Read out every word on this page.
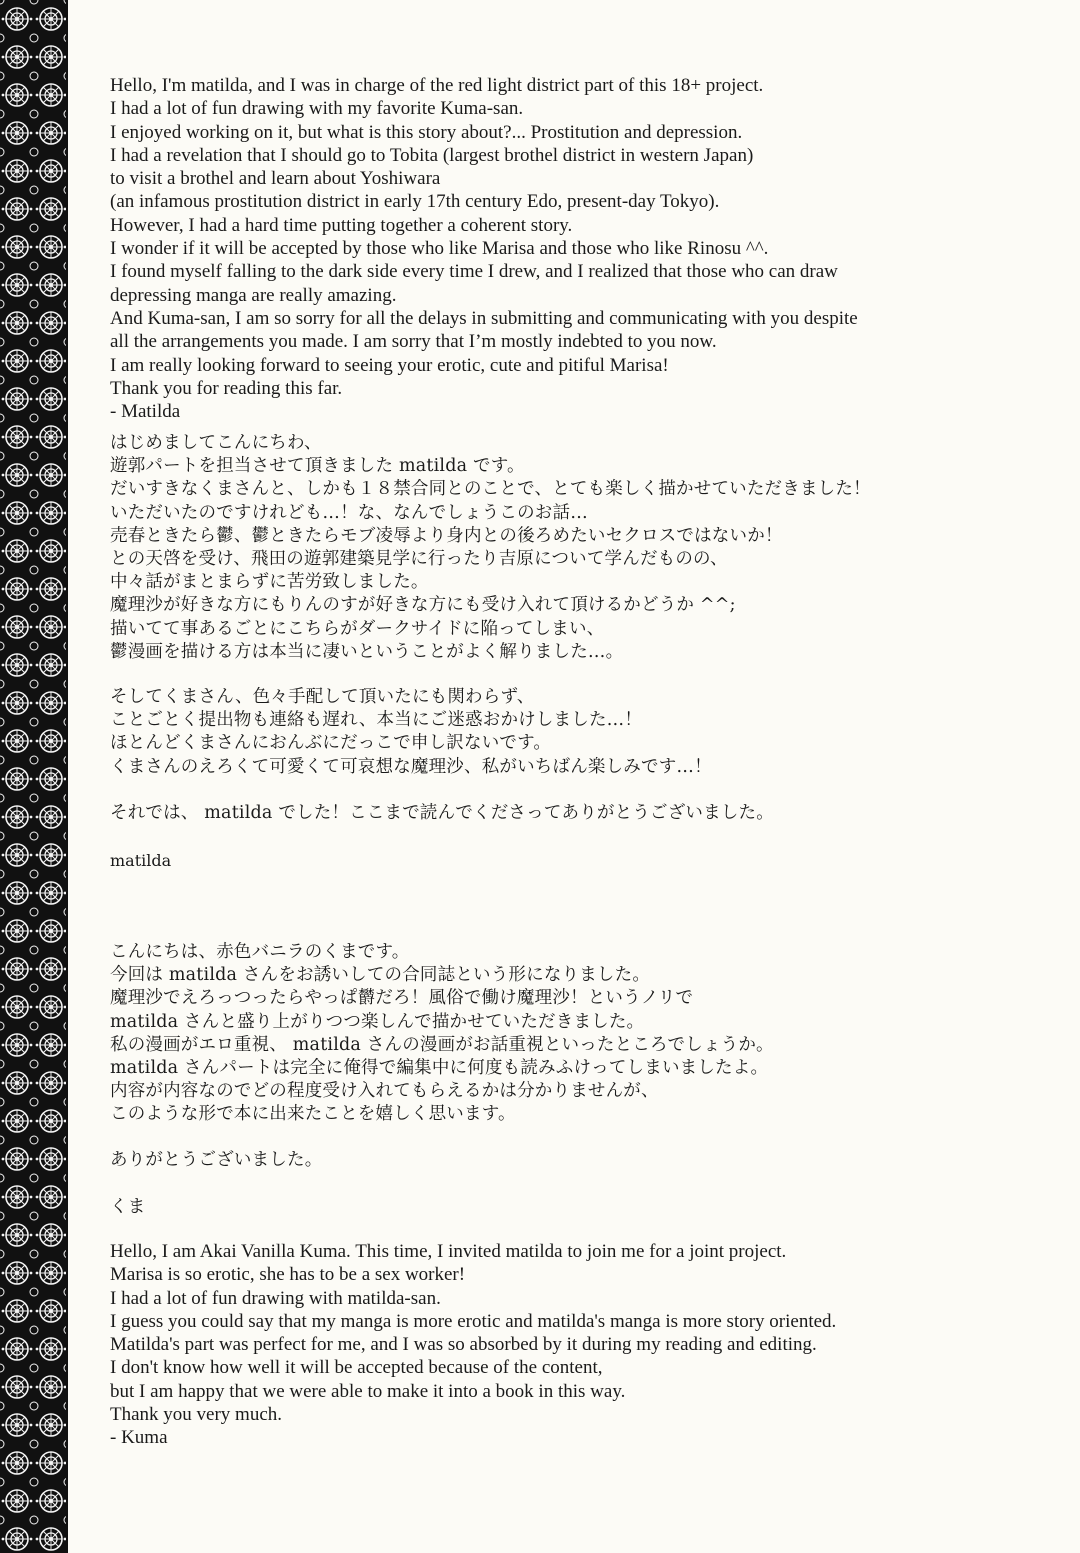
Hello, I'm matilda, and I was in charge of the red light district part of this 18+ project.
I had a lot of fun drawing with my favorite Kuma-san.
I enjoyed working on it, but what is this story about?... Prostitution and depression.
I had a revelation that I should go to Tobita (largest brothel district in western Japan)
to visit a brothel and learn about Yoshiwara
(an infamous prostitution district in early 17th century Edo, present-day Tokyo).
However, I had a hard time putting together a coherent story.
I wonder if it will be accepted by those who like Marisa and those who like Rinosu ^^.
I found myself falling to the dark side every time I drew, and I realized that those who can draw
depressing manga are really amazing.
And Kuma-san, I am so sorry for all the delays in submitting and communicating with you despite
all the arrangements you made. I am sorry that I’m mostly indebted to you now.
I am really looking forward to seeing your erotic, cute and pitiful Marisa!
Thank you for reading this far.
- Matilda

はじめましてこんにちわ、
遊郭パートを担当させて頂きました matilda です。
だいすきなくまさんと、しかも１８禁合同とのことで、とても楽しく描かせていただきました！
いただいたのですけれども…！な、なんでしょうこのお話…
売春ときたら鬱、鬱ときたらモブ凌辱より身内との後ろめたいセクロスではないか！
との天啓を受け、飛田の遊郭建築見学に行ったり吉原について学んだものの、
中々話がまとまらずに苦労致しました。
魔理沙が好きな方にもりんのすが好きな方にも受け入れて頂けるかどうか ^^;
描いてて事あるごとにこちらがダークサイドに陥ってしまい、
鬱漫画を描ける方は本当に凄いということがよく解りました…。

そしてくまさん、色々手配して頂いたにも関わらず、
ことごとく提出物も連絡も遅れ、本当にご迷惑おかけしました…！
ほとんどくまさんにおんぶにだっこで申し訳ないです。
くまさんのえろくて可愛くて可哀想な魔理沙、私がいちばん楽しみです…！

それでは、 matilda でした！ここまで読んでくださってありがとうございました。

matilda

こんにちは、赤色バニラのくまです。
今回は matilda さんをお誘いしての合同誌という形になりました。
魔理沙でえろっつったらやっぱ欝だろ！風俗で働け魔理沙！というノリで
matilda さんと盛り上がりつつ楽しんで描かせていただきました。
私の漫画がエロ重視、 matilda さんの漫画がお話重視といったところでしょうか。
matilda さんパートは完全に俺得で編集中に何度も読みふけってしまいましたよ。
内容が内容なのでどの程度受け入れてもらえるかは分かりませんが、
このような形で本に出来たことを嬉しく思います。

ありがとうございました。

くま

Hello, I am Akai Vanilla Kuma. This time, I invited matilda to join me for a joint project.
Marisa is so erotic, she has to be a sex worker!
I had a lot of fun drawing with matilda-san.
I guess you could say that my manga is more erotic and matilda's manga is more story oriented.
Matilda's part was perfect for me, and I was so absorbed by it during my reading and editing.
I don't know how well it will be accepted because of the content,
but I am happy that we were able to make it into a book in this way.
Thank you very much.
- Kuma
